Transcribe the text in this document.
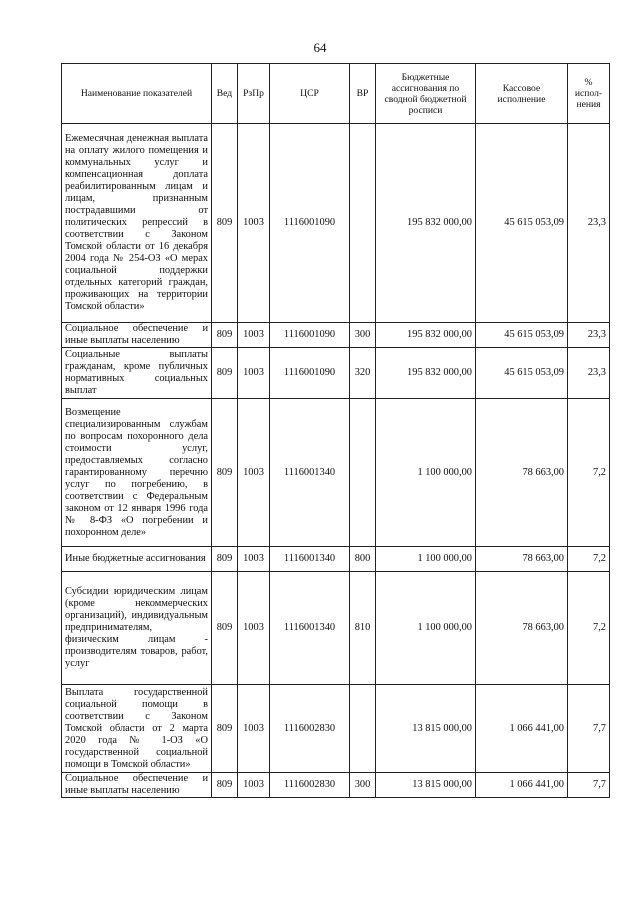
64
Наименование показателей	Вед	РзПр	ЦСР	ВР	Бюджетные ассигнования по сводной бюджетной росписи	Кассовое исполнение	% испол-нения
Ежемесячная денежная выплата на оплату жилого помещения и коммунальных услуг и компенсационная доплата реабилитированным лицам и лицам, признанным пострадавшими от политических репрессий в соответствии с Законом Томской области от 16 декабря 2004 года № 254-ОЗ «О мерах социальной поддержки отдельных категорий граждан, проживающих на территории Томской области»	809	1003	1116001090		195 832 000,00	45 615 053,09	23,3
Социальное обеспечение и иные выплаты населению	809	1003	1116001090	300	195 832 000,00	45 615 053,09	23,3
Социальные выплаты гражданам, кроме публичных нормативных социальных выплат	809	1003	1116001090	320	195 832 000,00	45 615 053,09	23,3
Возмещение специализированным службам по вопросам похоронного дела стоимости услуг, предоставляемых согласно гарантированному перечню услуг по погребению, в соответствии с Федеральным законом от 12 января 1996 года № 8-ФЗ «О погребении и похоронном деле»	809	1003	1116001340		1 100 000,00	78 663,00	7,2
Иные бюджетные ассигнования	809	1003	1116001340	800	1 100 000,00	78 663,00	7,2
Субсидии юридическим лицам (кроме некоммерческих организаций), индивидуальным предпринимателям, физическим лицам - производителям товаров, работ, услуг	809	1003	1116001340	810	1 100 000,00	78 663,00	7,2
Выплата государственной социальной помощи в соответствии с Законом Томской области от 2 марта 2020 года № 1-ОЗ «О государственной социальной помощи в Томской области»	809	1003	1116002830		13 815 000,00	1 066 441,00	7,7
Социальное обеспечение и иные выплаты населению	809	1003	1116002830	300	13 815 000,00	1 066 441,00	7,7
